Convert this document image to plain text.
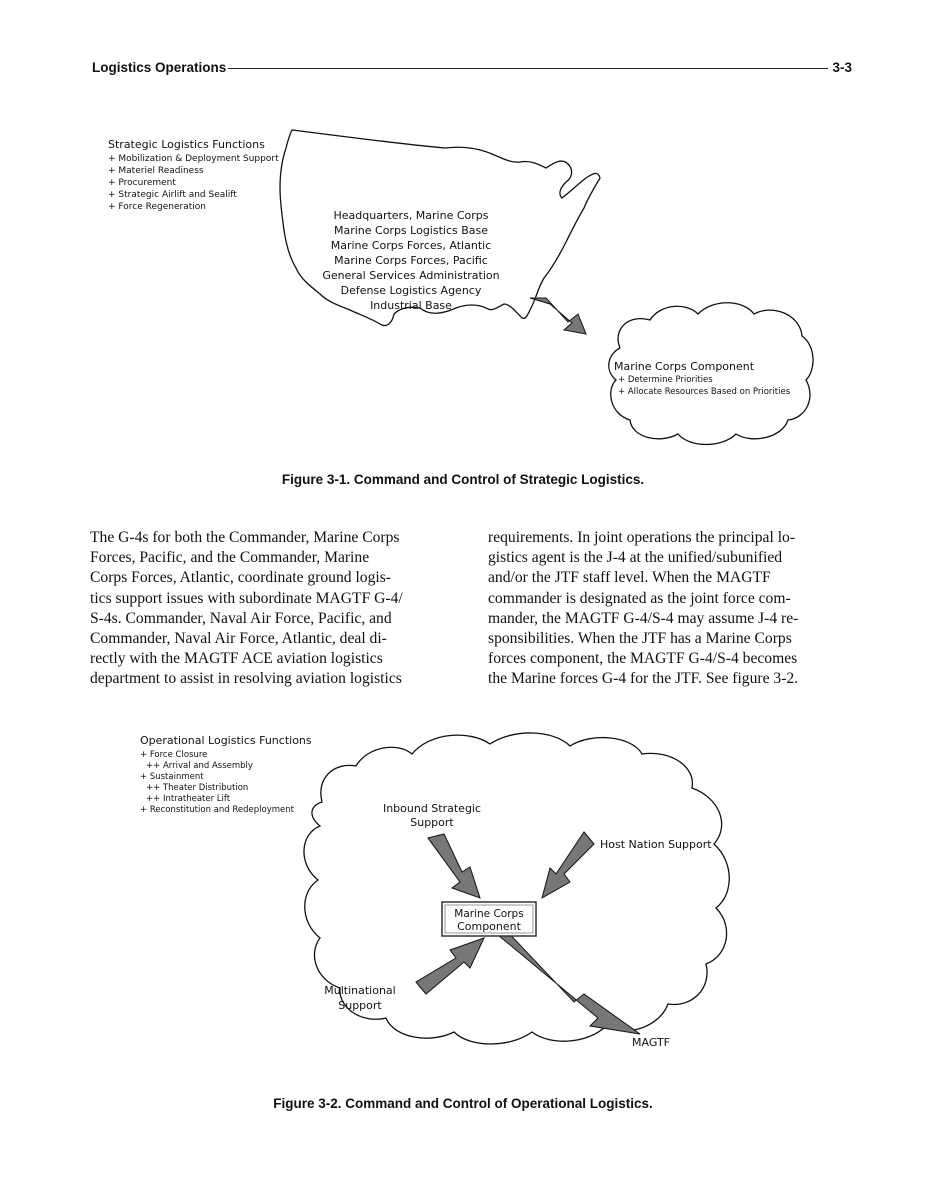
Logistics Operations	3-3
Strategic Logistics Functions
+ Mobilization & Deployment Support
+ Materiel Readiness
+ Procurement
+ Strategic Airlift and Sealift
+ Force Regeneration
Headquarters, Marine Corps
Marine Corps Logistics Base
Marine Corps Forces, Atlantic
Marine Corps Forces, Pacific
General Services Administration
Defense Logistics Agency
Industrial Base
Marine Corps Component
+ Determine Priorities
+ Allocate Resources Based on Priorities
Figure 3-1. Command and Control of Strategic Logistics.
The G-4s for both the Commander, Marine Corps
Forces, Pacific, and the Commander, Marine
Corps Forces, Atlantic, coordinate ground logis-
tics support issues with subordinate MAGTF G-4/
S-4s. Commander, Naval Air Force, Pacific, and
Commander, Naval Air Force, Atlantic, deal di-
rectly with the MAGTF ACE aviation logistics
department to assist in resolving aviation logistics
requirements. In joint operations the principal lo-
gistics agent is the J-4 at the unified/subunified
and/or the JTF staff level. When the MAGTF
commander is designated as the joint force com-
mander, the MAGTF G-4/S-4 may assume J-4 re-
sponsibilities. When the JTF has a Marine Corps
forces component, the MAGTF G-4/S-4 becomes
the Marine forces G-4 for the JTF. See figure 3-2.
Operational Logistics Functions
+ Force Closure
++ Arrival and Assembly
+ Sustainment
++ Theater Distribution
++ Intratheater Lift
+ Reconstitution and Redeployment	Inbound Strategic
Support
Host Nation Support
Marine Corps
Component
Multinational
Support
MAGTF
Figure 3-2. Command and Control of Operational Logistics.
